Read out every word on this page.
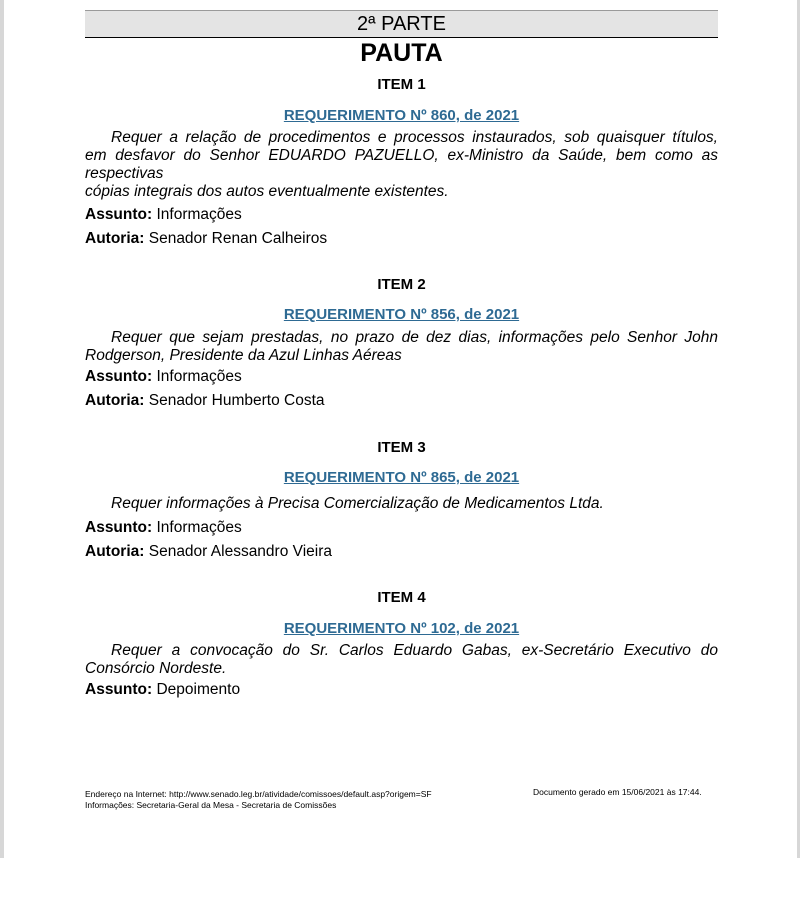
2ª PARTE
PAUTA
ITEM 1
REQUERIMENTO Nº 860, de 2021
Requer a relação de procedimentos e processos instaurados, sob quaisquer títulos,
em desfavor do Senhor EDUARDO PAZUELLO, ex-Ministro da Saúde, bem como as
respectivas
cópias integrais dos autos eventualmente existentes.
Assunto: Informações
Autoria: Senador Renan Calheiros
ITEM 2
REQUERIMENTO Nº 856, de 2021
Requer que sejam prestadas, no prazo de dez dias, informações pelo Senhor John
Rodgerson, Presidente da Azul Linhas Aéreas
Assunto: Informações
Autoria: Senador Humberto Costa
ITEM 3
REQUERIMENTO Nº 865, de 2021
Requer informações à Precisa Comercialização de Medicamentos Ltda.
Assunto: Informações
Autoria: Senador Alessandro Vieira
ITEM 4
REQUERIMENTO Nº 102, de 2021
Requer a convocação do Sr. Carlos Eduardo Gabas, ex-Secretário Executivo do
Consórcio Nordeste.
Assunto: Depoimento
Endereço na Internet: http://www.senado.leg.br/atividade/comissoes/default.asp?origem=SF
Informações: Secretaria-Geral da Mesa - Secretaria de Comissões
Documento gerado em 15/06/2021 às 17:44.
